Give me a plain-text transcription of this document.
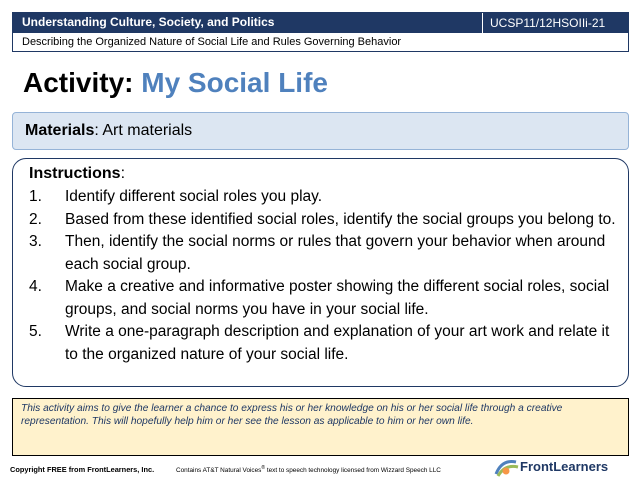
Understanding Culture, Society, and Politics	UCSP11/12HSOIIi-21
Describing the Organized Nature of Social Life and Rules Governing Behavior
Activity: My Social Life
Materials: Art materials
Instructions:
1. Identify different social roles you play.
2. Based from these identified social roles, identify the social groups you belong to.
3. Then, identify the social norms or rules that govern your behavior when around each social group.
4. Make a creative and informative poster showing the different social roles, social groups, and social norms you have in your social life.
5. Write a one-paragraph description and explanation of your art work and relate it to the organized nature of your social life.
This activity aims to give the learner a chance to express his or her knowledge on his or her social life through a creative representation. This will hopefully help him or her see the lesson as applicable to him or her own life.
Copyright FREE from FrontLearners, Inc.	Contains AT&T Natural Voices® text to speech technology licensed from Wizzard Speech LLC	FrontLearners
